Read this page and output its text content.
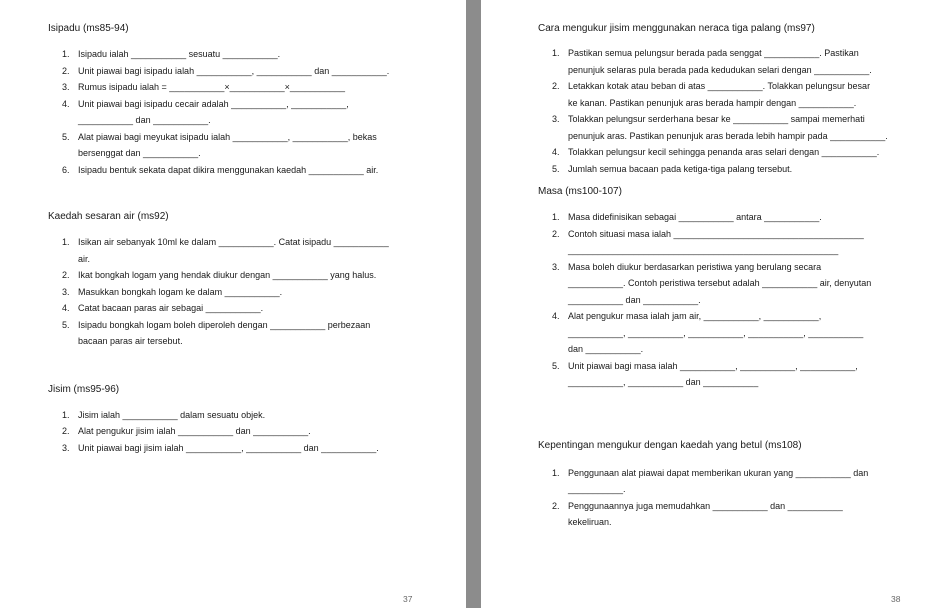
Isipadu (ms85-94)

1. Isipadu ialah ___________ sesuatu ___________.
2. Unit piawai bagi isipadu ialah ___________, ___________ dan ___________.
3. Rumus isipadu ialah = ___________×___________×___________
4. Unit piawai bagi isipadu cecair adalah ___________, ___________,
___________ dan ___________.
5. Alat piawai bagi meyukat isipadu ialah ___________, ___________, bekas
bersenggat dan ___________.
6. Isipadu bentuk sekata dapat dikira menggunakan kaedah ___________ air.

Kaedah sesaran air (ms92)

1. Isikan air sebanyak 10ml ke dalam ___________. Catat isipadu ___________
air.
2. Ikat bongkah logam yang hendak diukur dengan ___________ yang halus.
3. Masukkan bongkah logam ke dalam ___________.
4. Catat bacaan paras air sebagai ___________.
5. Isipadu bongkah logam boleh diperoleh dengan ___________ perbezaan
bacaan paras air tersebut.

Jisim (ms95-96)

1. Jisim ialah ___________ dalam sesuatu objek.
2. Alat pengukur jisim ialah ___________ dan ___________.
3. Unit piawai bagi jisim ialah ___________, ___________ dan ___________.
37

Cara mengukur jisim menggunakan neraca tiga palang (ms97)

1. Pastikan semua pelungsur berada pada senggat ___________. Pastikan
penunjuk selaras pula berada pada kedudukan selari dengan ___________.
2. Letakkan kotak atau beban di atas ___________. Tolakkan pelungsur besar
ke kanan. Pastikan penunjuk aras berada hampir dengan ___________.
3. Tolakkan pelungsur serderhana besar ke ___________ sampai memerhati
penunjuk aras. Pastikan penunjuk aras berada lebih hampir pada ___________.
4. Tolakkan pelungsur kecil sehingga penanda aras selari dengan ___________.
5. Jumlah semua bacaan pada ketiga-tiga palang tersebut.

Masa (ms100-107)

1. Masa didefinisikan sebagai ___________ antara ___________.
2. Contoh situasi masa ialah ______________________________________
______________________________________________________
3. Masa boleh diukur berdasarkan peristiwa yang berulang secara
___________. Contoh peristiwa tersebut adalah ___________ air, denyutan
___________ dan ___________.
4. Alat pengukur masa ialah jam air, ___________, ___________,
___________, ___________, ___________, ___________, ___________
dan ___________.
5. Unit piawai bagi masa ialah ___________, ___________, ___________,
___________, ___________ dan ___________

Kepentingan mengukur dengan kaedah yang betul (ms108)

1. Penggunaan alat piawai dapat memberikan ukuran yang ___________ dan
___________.
2. Penggunaannya juga memudahkan ___________ dan ___________
kekeliruan.
38
